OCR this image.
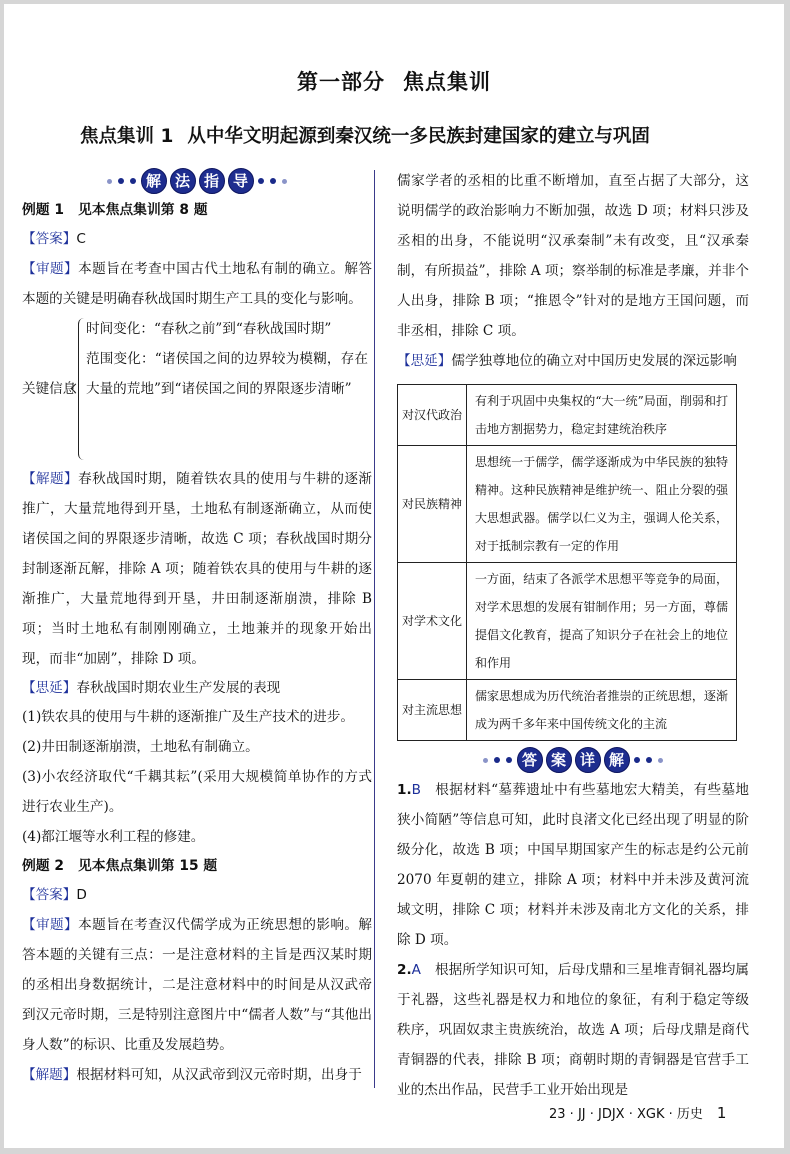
第一部分 焦点集训
焦点集训 1 从中华文明起源到秦汉统一多民族封建国家的建立与巩固
解 法 指 导
例题 1 见本焦点集训第 8 题

【答案】C

【审题】本题旨在考查中国古代土地私有制的确立。解答本题的关键是明确春秋战国时期生产工具的变化与影响。

关键信息

时间变化：“春秋之前”到“春秋战国时期”

范围变化：“诸侯国之间的边界较为模糊，存在大量的荒地”到“诸侯国之间的界限逐步清晰”

【解题】春秋战国时期，随着铁农具的使用与牛耕的逐渐推广，大量荒地得到开垦，土地私有制逐渐确立，从而使诸侯国之间的界限逐步清晰，故选 C 项；春秋战国时期分封制逐渐瓦解，排除 A 项；随着铁农具的使用与牛耕的逐渐推广，大量荒地得到开垦，井田制逐渐崩溃，排除 B 项；当时土地私有制刚刚确立，土地兼并的现象开始出现，而非“加剧”，排除 D 项。

【思延】春秋战国时期农业生产发展的表现

(1)铁农具的使用与牛耕的逐渐推广及生产技术的进步。

(2)井田制逐渐崩溃，土地私有制确立。

(3)小农经济取代“千耦其耘”(采用大规模简单协作的方式进行农业生产)。

(4)都江堰等水利工程的修建。

例题 2 见本焦点集训第 15 题

【答案】D

【审题】本题旨在考查汉代儒学成为正统思想的影响。解答本题的关键有三点：一是注意材料的主旨是西汉某时期的丞相出身数据统计，二是注意材料中的时间是从汉武帝到汉元帝时期，三是特别注意图片中“儒者人数”与“其他出身人数”的标识、比重及发展趋势。

【解题】根据材料可知，从汉武帝到汉元帝时期，出身于

儒家学者的丞相的比重不断增加，直至占据了大部分，这说明儒学的政治影响力不断加强，故选 D 项；材料只涉及丞相的出身，不能说明“汉承秦制”未有改变，且“汉承秦制，有所损益”，排除 A 项；察举制的标准是孝廉，并非个人出身，排除 B 项；“推恩令”针对的是地方王国问题，而非丞相，排除 C 项。

【思延】儒学独尊地位的确立对中国历史发展的深远影响

对汉代政治	有利于巩固中央集权的“大一统”局面，削弱和打击地方割据势力，稳定封建统治秩序
对民族精神	思想统一于儒学，儒学逐渐成为中华民族的独特精神。这种民族精神是维护统一、阻止分裂的强大思想武器。儒学以仁义为主，强调人伦关系，对于抵制宗教有一定的作用
对学术文化	一方面，结束了各派学术思想平等竞争的局面，对学术思想的发展有钳制作用；另一方面，尊儒提倡文化教育，提高了知识分子在社会上的地位和作用
对主流思想	儒家思想成为历代统治者推崇的正统思想，逐渐成为两千多年来中国传统文化的主流
答 案 详 解

1.B 根据材料“墓葬遗址中有些墓地宏大精美，有些墓地狭小简陋”等信息可知，此时良渚文化已经出现了明显的阶级分化，故选 B 项；中国早期国家产生的标志是约公元前 2070 年夏朝的建立，排除 A 项；材料中并未涉及黄河流域文明，排除 C 项；材料并未涉及南北方文化的关系，排除 D 项。

2.A 根据所学知识可知，后母戊鼎和三星堆青铜礼器均属于礼器，这些礼器是权力和地位的象征，有利于稳定等级秩序，巩固奴隶主贵族统治，故选 A 项；后母戊鼎是商代青铜器的代表，排除 B 项；商朝时期的青铜器是官营手工业的杰出作品，民营手工业开始出现是

23 · JJ · JDJX · XGK · 历史 1
